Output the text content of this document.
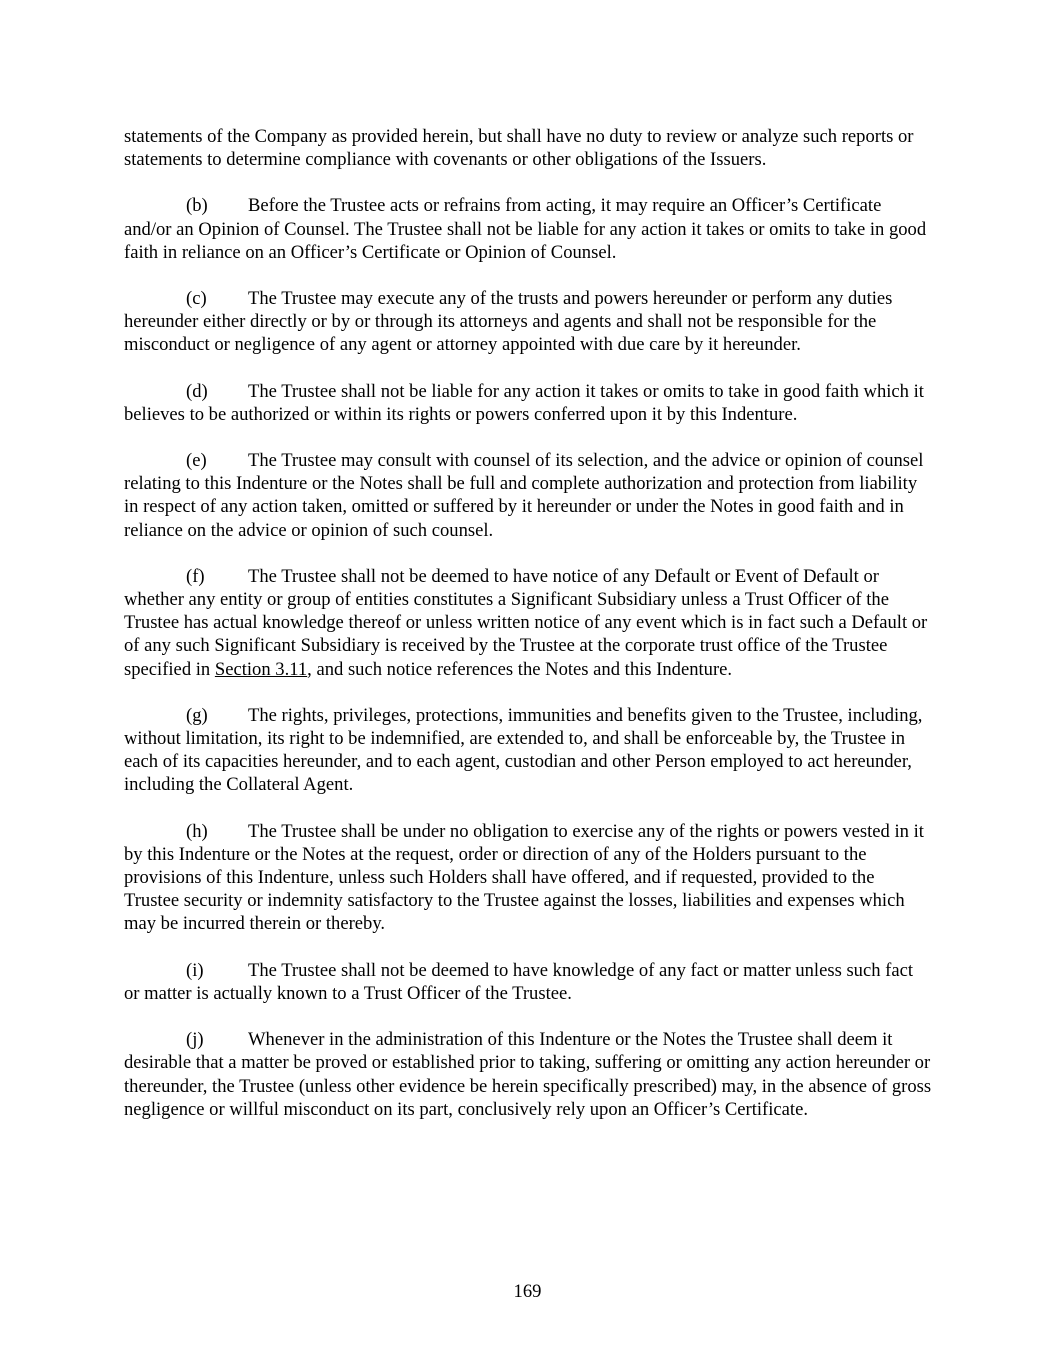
statements of the Company as provided herein, but shall have no duty to review or analyze such reports or statements to determine compliance with covenants or other obligations of the Issuers.

(b) Before the Trustee acts or refrains from acting, it may require an Officer’s Certificate and/or an Opinion of Counsel. The Trustee shall not be liable for any action it takes or omits to take in good faith in reliance on an Officer’s Certificate or Opinion of Counsel.

(c) The Trustee may execute any of the trusts and powers hereunder or perform any duties hereunder either directly or by or through its attorneys and agents and shall not be responsible for the misconduct or negligence of any agent or attorney appointed with due care by it hereunder.

(d) The Trustee shall not be liable for any action it takes or omits to take in good faith which it believes to be authorized or within its rights or powers conferred upon it by this Indenture.

(e) The Trustee may consult with counsel of its selection, and the advice or opinion of counsel relating to this Indenture or the Notes shall be full and complete authorization and protection from liability in respect of any action taken, omitted or suffered by it hereunder or under the Notes in good faith and in reliance on the advice or opinion of such counsel.

(f) The Trustee shall not be deemed to have notice of any Default or Event of Default or whether any entity or group of entities constitutes a Significant Subsidiary unless a Trust Officer of the Trustee has actual knowledge thereof or unless written notice of any event which is in fact such a Default or of any such Significant Subsidiary is received by the Trustee at the corporate trust office of the Trustee specified in Section 3.11, and such notice references the Notes and this Indenture.

(g) The rights, privileges, protections, immunities and benefits given to the Trustee, including, without limitation, its right to be indemnified, are extended to, and shall be enforceable by, the Trustee in each of its capacities hereunder, and to each agent, custodian and other Person employed to act hereunder, including the Collateral Agent.

(h) The Trustee shall be under no obligation to exercise any of the rights or powers vested in it by this Indenture or the Notes at the request, order or direction of any of the Holders pursuant to the provisions of this Indenture, unless such Holders shall have offered, and if requested, provided to the Trustee security or indemnity satisfactory to the Trustee against the losses, liabilities and expenses which may be incurred therein or thereby.

(i) The Trustee shall not be deemed to have knowledge of any fact or matter unless such fact or matter is actually known to a Trust Officer of the Trustee.

(j) Whenever in the administration of this Indenture or the Notes the Trustee shall deem it desirable that a matter be proved or established prior to taking, suffering or omitting any action hereunder or thereunder, the Trustee (unless other evidence be herein specifically prescribed) may, in the absence of gross negligence or willful misconduct on its part, conclusively rely upon an Officer’s Certificate.

169
